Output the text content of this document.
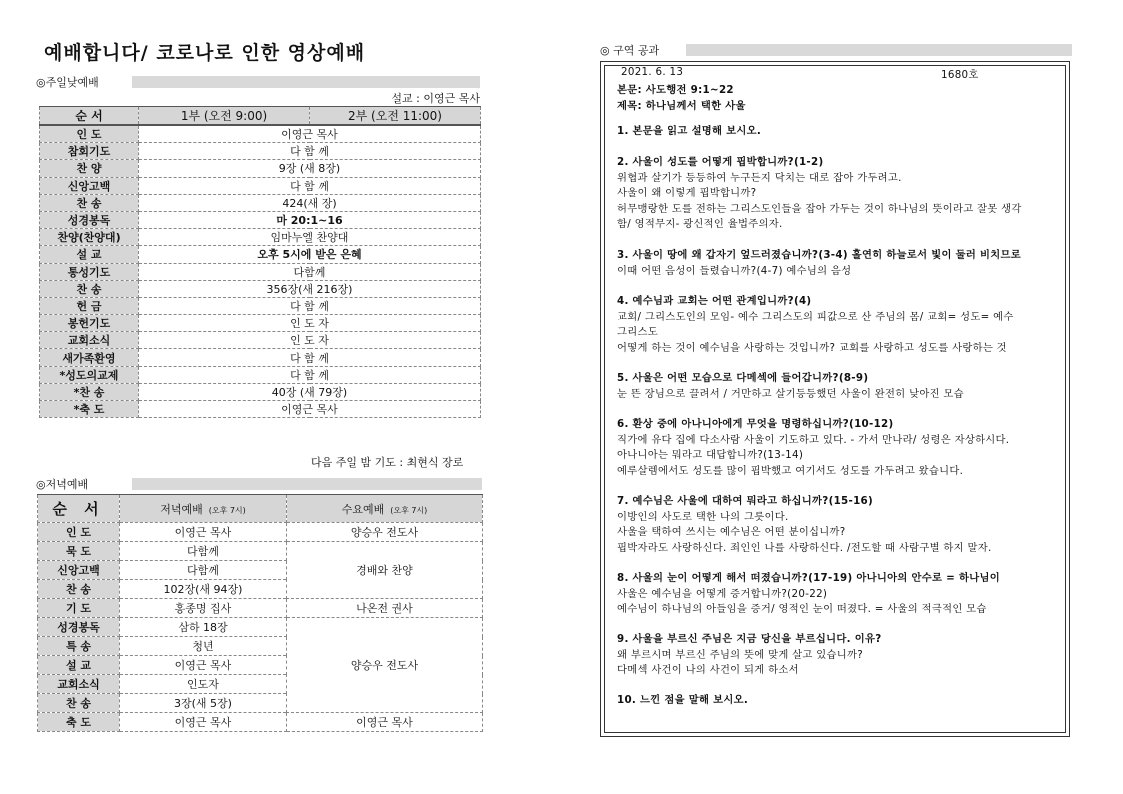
예배합니다/ 코로나로 인한 영상예배
◎주일낮예배
설교 : 이영근 목사
순 서	1부 (오전 9:00)	2부 (오전 11:00)
인 도	이영근 목사	
참회기도	다 함 께	
찬 양	9장 (새 8장)	
신앙고백	다 함 께	
찬 송	424(새 장)	
성경봉독	마 20:1~16	
찬양(찬양대)	임마누엘 찬양대	
설 교	오후 5시에 받은 은혜	
통성기도	다함께	
찬 송	356장(새 216장)	
헌 금	다 함 께	
봉헌기도	인 도 자	
교회소식	인 도 자	
새가족환영	다 함 께	
*성도의교제	다 함 께	
*찬 송	40장 (새 79장)	
*축 도	이영근 목사	
다음 주일 밤 기도 : 최현식 장로
◎저녁예배
순 서	저녁예배 (오후 7시)	수요예배 (오후 7시)
인 도	이영근 목사	양승우 전도사
묵 도	다함께	경배와 찬양
신앙고백	다함께	
찬 송	102장(새 94장)	
기 도	홍종명 집사	나온전 권사
성경봉독	삼하 18장	양승우 전도사
특 송	청년	
설 교	이영근 목사	
교회소식	인도자	
찬 송	3장(새 5장)	
축 도	이영근 목사	이영근 목사
◎ 구역 공과
2021. 6. 13	1680호
본문: 사도행전 9:1~22
제목: 하나님께서 택한 사울
1. 본문을 읽고 설명해 보시오.
2. 사울이 성도를 어떻게 핍박합니까?(1-2)
위협과 살기가 등등하여 누구든지 닥치는 대로 잡아 가두려고.
사울이 왜 이렇게 핍박합니까?
허무맹랑한 도를 전하는 그리스도인들을 잡아 가두는 것이 하나님의 뜻이라고 잘못 생각
함/ 영적무지- 광신적인 율법주의자.
3. 사울이 땅에 왜 갑자기 엎드러졌습니까?(3-4) 홀연히 하늘로서 빛이 둘러 비치므로
이때 어떤 음성이 들렸습니까?(4-7) 예수님의 음성
4. 예수님과 교회는 어떤 관계입니까?(4)
교회/ 그리스도인의 모임- 예수 그리스도의 피값으로 산 주님의 몸/ 교회= 성도= 예수
그리스도
어떻게 하는 것이 예수님을 사랑하는 것입니까? 교회를 사랑하고 성도를 사랑하는 것
5. 사울은 어떤 모습으로 다메섹에 들어갑니까?(8-9)
눈 뜬 장님으로 끌려서 / 거만하고 살기등등했던 사울이 완전히 낮아진 모습
6. 환상 중에 아나니아에게 무엇을 명령하십니까?(10-12)
직가에 유다 집에 다소사람 사울이 기도하고 있다. - 가서 만나라/ 성령은 자상하시다.
아나니아는 뭐라고 대답합니까?(13-14)
예루살렘에서도 성도를 많이 핍박했고 여기서도 성도를 가두려고 왔습니다.
7. 예수님은 사울에 대하여 뭐라고 하십니까?(15-16)
이방인의 사도로 택한 나의 그릇이다.
사울을 택하여 쓰시는 예수님은 어떤 분이십니까?
핍박자라도 사랑하신다. 죄인인 나를 사랑하신다. /전도할 때 사람구별 하지 말자.
8. 사울의 눈이 어떻게 해서 떠졌습니까?(17-19) 아나니아의 안수로 = 하나님이
사울은 예수님을 어떻게 증거합니까?(20-22)
예수님이 하나님의 아들임을 증거/ 영적인 눈이 떠졌다. = 사울의 적극적인 모습
9. 사울을 부르신 주님은 지금 당신을 부르십니다. 이유?
왜 부르시며 부르신 주님의 뜻에 맞게 살고 있습니까?
다메섹 사건이 나의 사건이 되게 하소서
10. 느낀 점을 말해 보시오.
